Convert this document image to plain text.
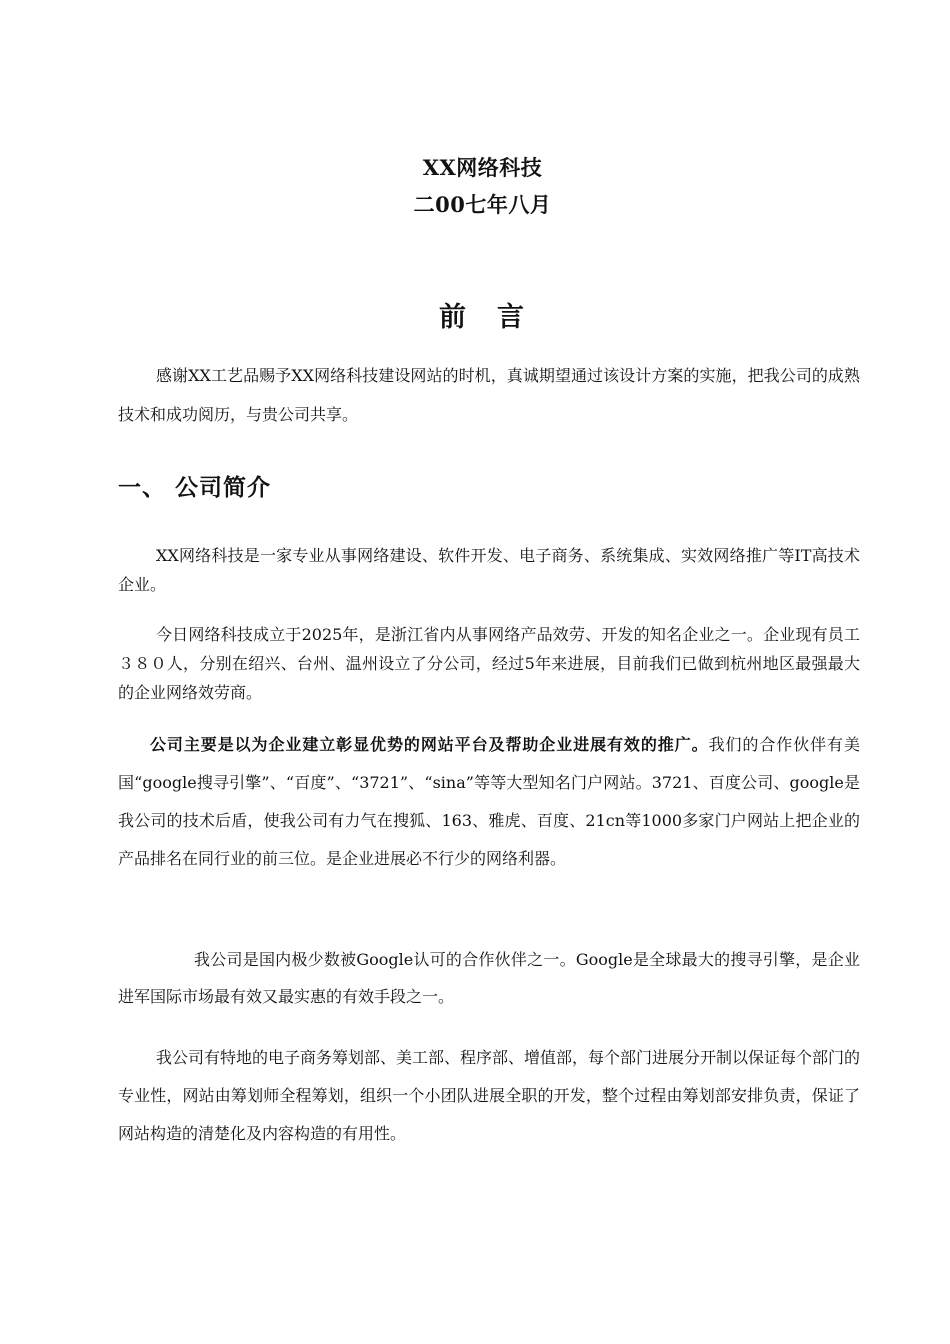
XX网络科技
二00七年八月
前　言

感谢XX工艺品赐予XX网络科技建设网站的时机，真诚期望通过该设计方案的实施，把我公司的成熟技术和成功阅历，与贵公司共享。

一、 公司简介

XX网络科技是一家专业从事网络建设、软件开发、电子商务、系统集成、实效网络推广等IT高技术企业。

今日网络科技成立于2025年，是浙江省内从事网络产品效劳、开发的知名企业之一。企业现有员工３８０人，分别在绍兴、台州、温州设立了分公司，经过5年来进展，目前我们已做到杭州地区最强最大的企业网络效劳商。

公司主要是以为企业建立彰显优势的网站平台及帮助企业进展有效的推广。我们的合作伙伴有美国“google搜寻引擎”、“百度”、“3721”、“sina”等等大型知名门户网站。3721、百度公司、google是我公司的技术后盾，使我公司有力气在搜狐、163、雅虎、百度、21cn等1000多家门户网站上把企业的产品排名在同行业的前三位。是企业进展必不行少的网络利器。

我公司是国内极少数被Google认可的合作伙伴之一。Google是全球最大的搜寻引擎，是企业进军国际市场最有效又最实惠的有效手段之一。

我公司有特地的电子商务筹划部、美工部、程序部、增值部，每个部门进展分开制以保证每个部门的专业性，网站由筹划师全程筹划，组织一个小团队进展全职的开发，整个过程由筹划部安排负责，保证了网站构造的清楚化及内容构造的有用性。
